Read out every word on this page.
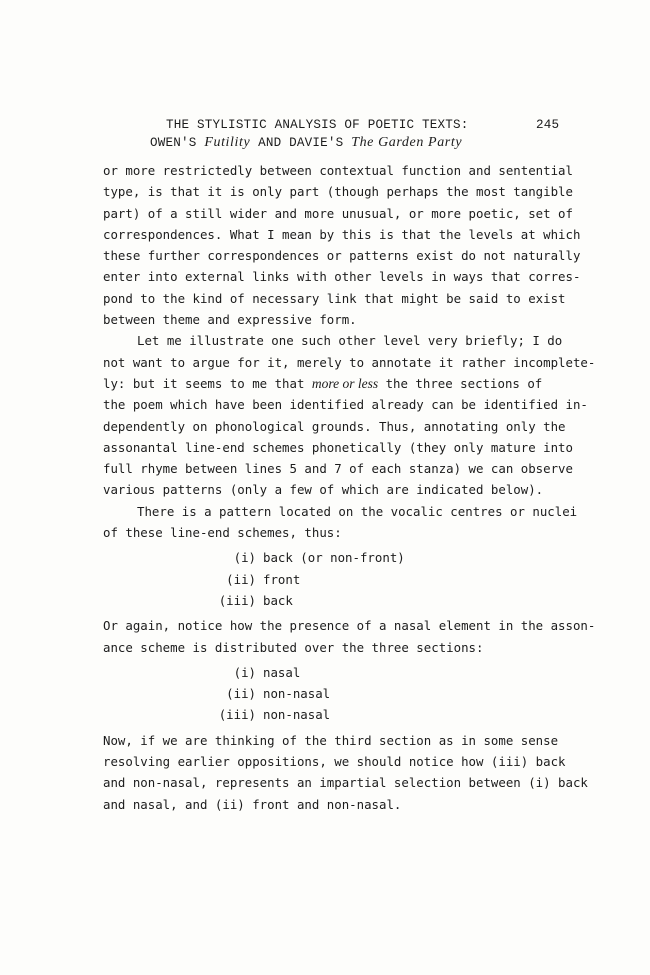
THE STYLISTIC ANALYSIS OF POETIC TEXTS:
OWEN'S Futility AND DAVIE'S The Garden Party
245
or more restrictedly between contextual function and sentential
type, is that it is only part (though perhaps the most tangible
part) of a still wider and more unusual, or more poetic, set of
correspondences. What I mean by this is that the levels at which
these further correspondences or patterns exist do not naturally
enter into external links with other levels in ways that corres-
pond to the kind of necessary link that might be said to exist
between theme and expressive form.
Let me illustrate one such other level very briefly; I do
not want to argue for it, merely to annotate it rather incomplete-
ly: but it seems to me that more or less the three sections of
the poem which have been identified already can be identified in-
dependently on phonological grounds. Thus, annotating only the
assonantal line-end schemes phonetically (they only mature into
full rhyme between lines 5 and 7 of each stanza) we can observe
various patterns (only a few of which are indicated below).
There is a pattern located on the vocalic centres or nuclei
of these line-end schemes, thus:
(i) back (or non-front)
(ii) front
(iii) back
Or again, notice how the presence of a nasal element in the asson-
ance scheme is distributed over the three sections:
(i) nasal
(ii) non-nasal
(iii) non-nasal
Now, if we are thinking of the third section as in some sense
resolving earlier oppositions, we should notice how (iii) back
and non-nasal, represents an impartial selection between (i) back
and nasal, and (ii) front and non-nasal.
